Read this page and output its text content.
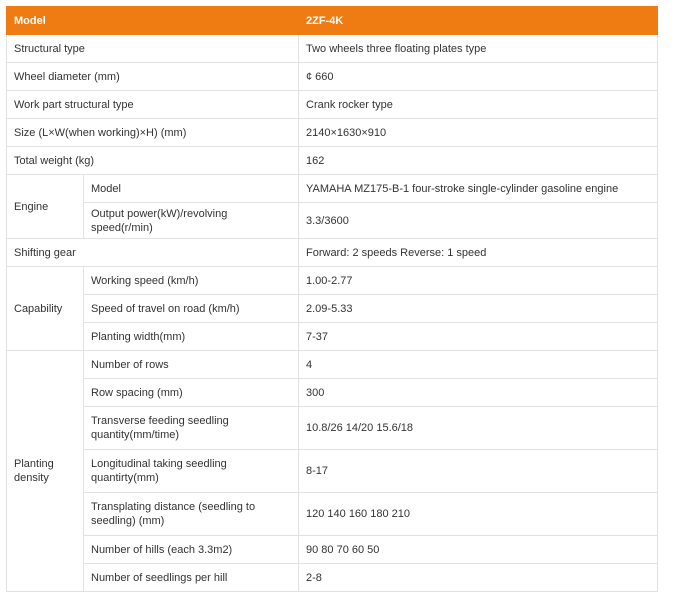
Model		2ZF-4K
Structural type		Two wheels three floating plates type
Wheel diameter (mm)		¢ 660
Work part structural type		Crank rocker type
Size (L×W(when working)×H) (mm)		2140×1630×910
Total weight (kg)		162
Engine	Model	YAMAHA MZ175-B-1 four-stroke single-cylinder gasoline engine
	Output power(kW)/revolving speed(r/min)	3.3/3600
Shifting gear		Forward: 2 speeds Reverse: 1 speed
Capability	Working speed (km/h)	1.00-2.77
	Speed of travel on road (km/h)	2.09-5.33
	Planting width(mm)	7-37
Planting density	Number of rows	4
	Row spacing (mm)	300
	Transverse feeding seedling quantity(mm/time)	10.8/26 14/20 15.6/18
	Longitudinal taking seedling quantirty(mm)	8-17
	Transplating distance (seedling to seedling) (mm)	120 140 160 180 210
	Number of hills (each 3.3m2)	90 80 70 60 50
	Number of seedlings per hill	2-8
